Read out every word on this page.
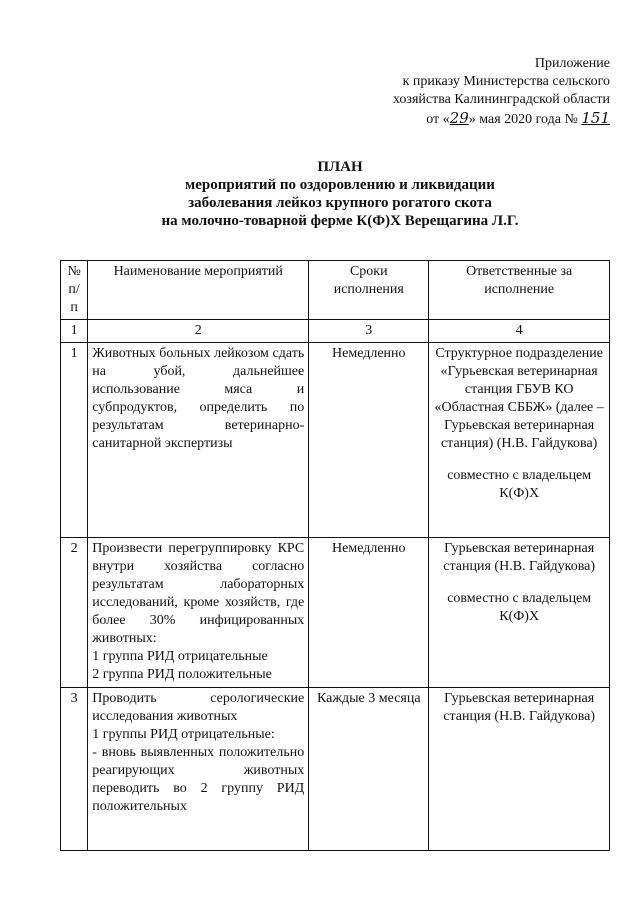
Приложение
к приказу Министерства сельского
хозяйства Калининградской области
от «29» мая 2020 года № 151
ПЛАН
мероприятий по оздоровлению и ликвидации
заболевания лейкоз крупного рогатого скота
на молочно-товарной ферме К(Ф)Х Верещагина Л.Г.
№ п/п	Наименование мероприятий	Сроки исполнения	Ответственные за исполнение
1	2	3	4
1	Животных больных лейкозом сдать на убой, дальнейшее использование мяса и субпродуктов, определить по результатам ветеринарно-санитарной экспертизы	Немедленно	Структурное подразделение «Гурьевская ветеринарная станция ГБУВ КО «Областная СББЖ» (далее – Гурьевская ветеринарная станция) (Н.В. Гайдукова)
совместно с владельцем К(Ф)Х

2	Произвести перегруппировку КРС внутри хозяйства согласно результатам лабораторных исследований, кроме хозяйств, где более 30% инфицированных животных:
1 группа РИД отрицательные
2 группа РИД положительные	Немедленно	Гурьевская ветеринарная станция (Н.В. Гайдукова)
совместно с владельцем К(Ф)Х

3	Проводить серологические исследования животных
1 группы РИД отрицательные:
- вновь выявленных положительно реагирующих животных переводить во 2 группу РИД положительных	Каждые 3 месяца	Гурьевская ветеринарная станция (Н.В. Гайдукова)
